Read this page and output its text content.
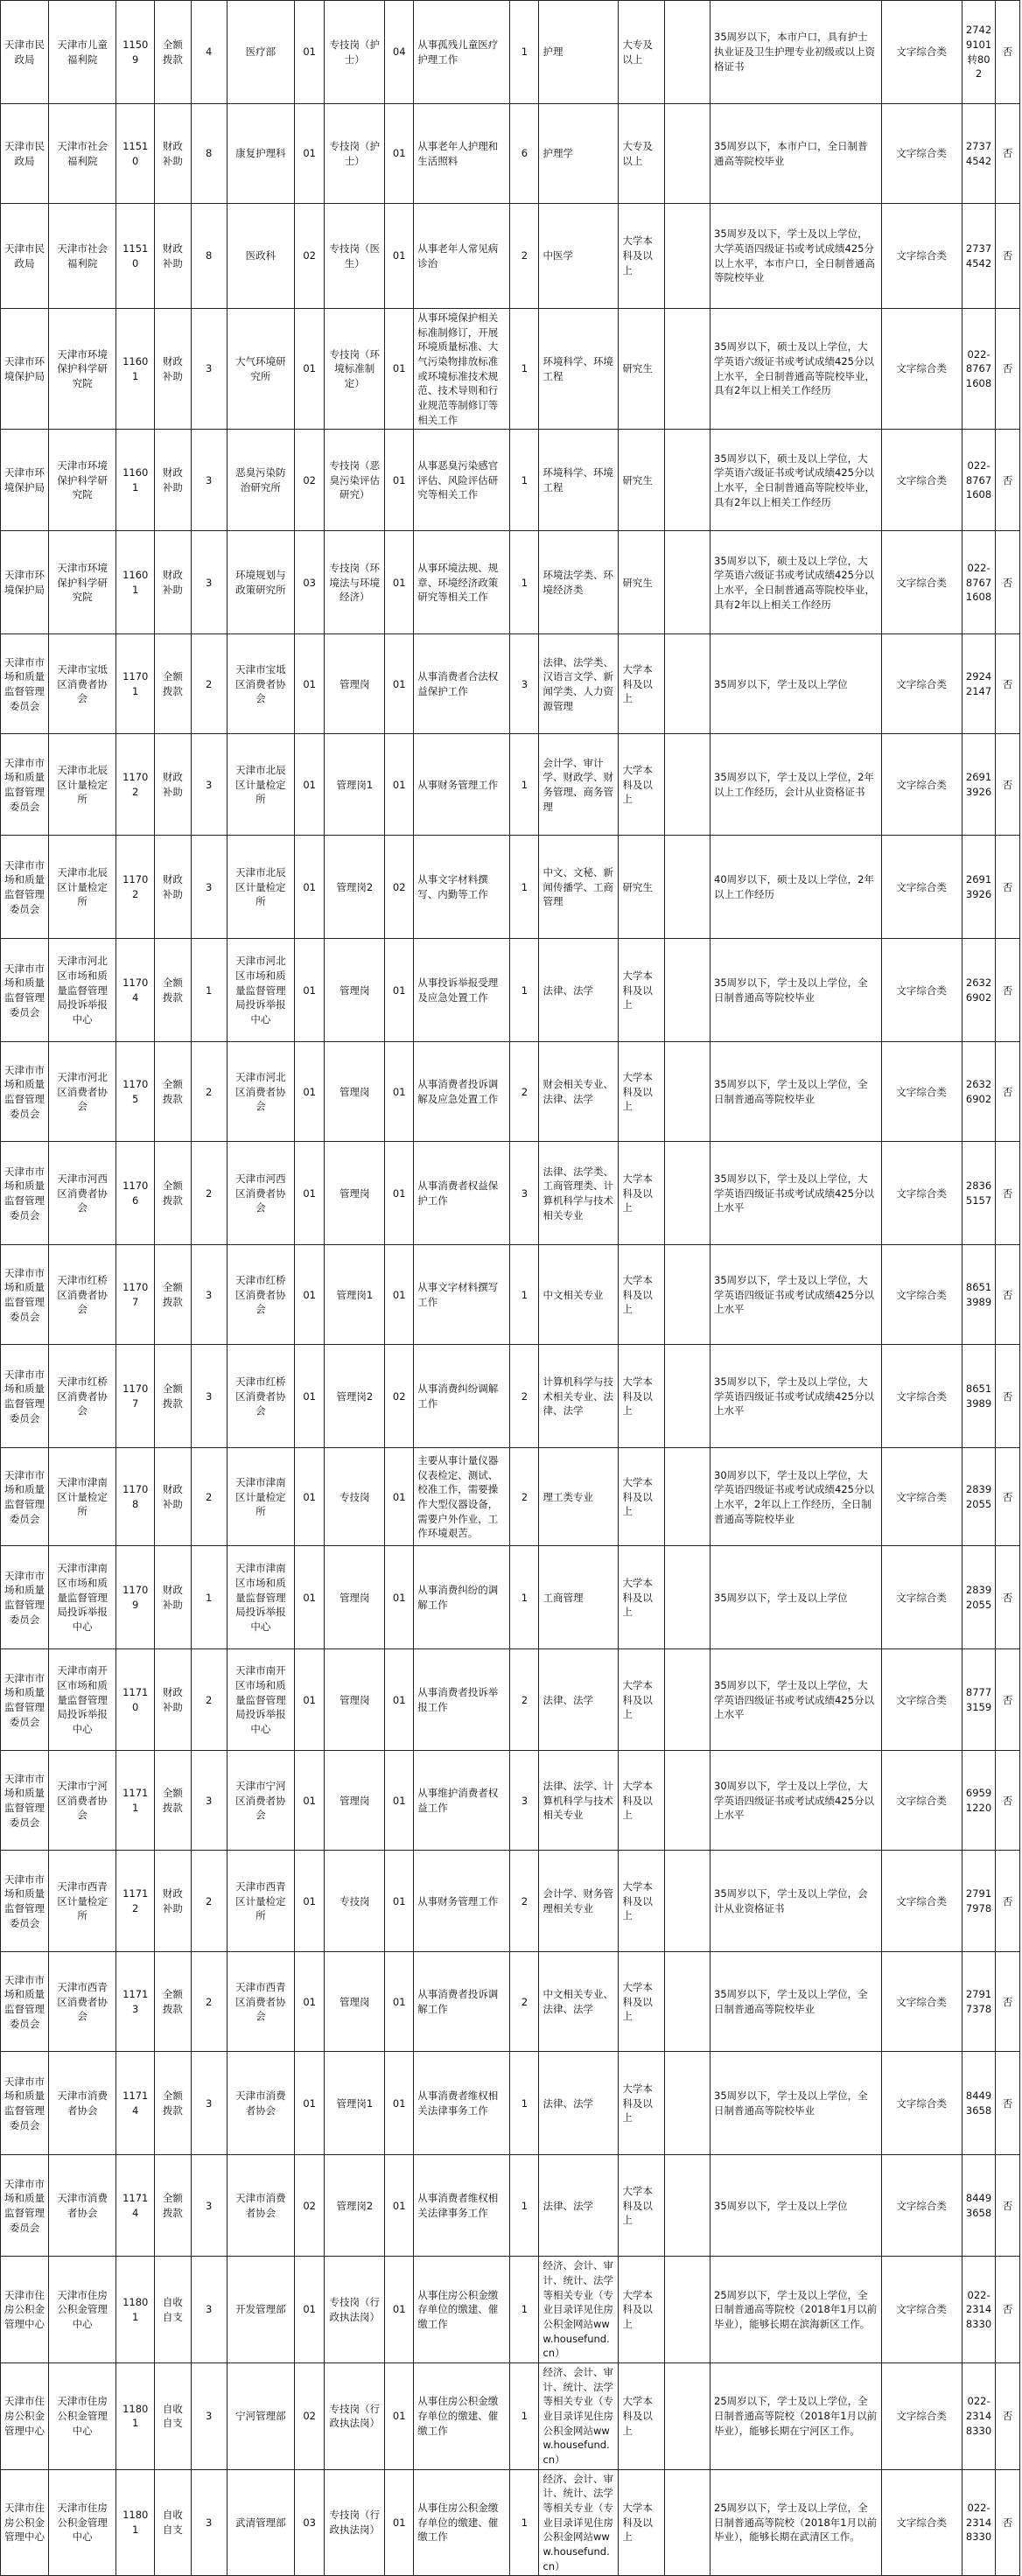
天津市民政局	天津市儿童福利院	11509	全额拨款	4	医疗部	01	专技岗（护士）	04	从事孤残儿童医疗护理工作	1	护理	大专及以上		35周岁以下，本市户口，具有护士执业证及卫生护理专业初级或以上资格证书	文字综合类	27429101转802	否
天津市民政局	天津市社会福利院	11510	财政补助	8	康复护理科	01	专技岗（护士）	01	从事老年人护理和生活照料	6	护理学	大专及以上		35周岁以下，本市户口，全日制普通高等院校毕业	文字综合类	27374542	否
天津市民政局	天津市社会福利院	11510	财政补助	8	医政科	02	专技岗（医生）	01	从事老年人常见病诊治	2	中医学	大学本科及以上		35周岁及以下，学士及以上学位，大学英语四级证书或考试成绩425分以上水平，本市户口，全日制普通高等院校毕业	文字综合类	27374542	否
天津市环境保护局	天津市环境保护科学研究院	11601	财政补助	3	大气环境研究所	01	专技岗（环境标准制定）	01	从事环境保护相关标准制修订，开展环境质量标准、大气污染物排放标准或环境标准技术规范、技术导则和行业规范等制修订等相关工作	1	环境科学、环境工程	研究生		35周岁以下，硕士及以上学位，大学英语六级证书或考试成绩425分以上水平，全日制普通高等院校毕业，具有2年以上相关工作经历	文字综合类	022-87671608	否
天津市环境保护局	天津市环境保护科学研究院	11601	财政补助	3	恶臭污染防治研究所	02	专技岗（恶臭污染评估研究）	01	从事恶臭污染感官评估、风险评估研究等相关工作	1	环境科学、环境工程	研究生		35周岁以下，硕士及以上学位，大学英语六级证书或考试成绩425分以上水平，全日制普通高等院校毕业，具有2年以上相关工作经历	文字综合类	022-87671608	否
天津市环境保护局	天津市环境保护科学研究院	11601	财政补助	3	环境规划与政策研究所	03	专技岗（环境法与环境经济）	01	从事环境法规、规章、环境经济政策研究等相关工作	1	环境法学类、环境经济类	研究生		35周岁以下，硕士及以上学位，大学英语六级证书或考试成绩425分以上水平，全日制普通高等院校毕业，具有2年以上相关工作经历	文字综合类	022-87671608	否
天津市市场和质量监督管理委员会	天津市宝坻区消费者协会	11701	全额拨款	2	天津市宝坻区消费者协会	01	管理岗	01	从事消费者合法权益保护工作	3	法律、法学类、汉语言文学、新闻学类、人力资源管理	大学本科及以上		35周岁以下，学士及以上学位	文字综合类	29242147	否
天津市市场和质量监督管理委员会	天津市北辰区计量检定所	11702	财政补助	3	天津市北辰区计量检定所	01	管理岗1	01	从事财务管理工作	1	会计学、审计学、财政学、财务管理、商务管理	大学本科及以上		35周岁以下，学士及以上学位，2年以上工作经历，会计从业资格证书	文字综合类	26913926	否
天津市市场和质量监督管理委员会	天津市北辰区计量检定所	11702	财政补助	3	天津市北辰区计量检定所	01	管理岗2	02	从事文字材料撰写、内勤等工作	1	中文、文秘、新闻传播学、工商管理	研究生		40周岁以下，硕士及以上学位，2年以上工作经历	文字综合类	26913926	否
天津市市场和质量监督管理委员会	天津市河北区市场和质量监督管理局投诉举报中心	11704	全额拨款	1	天津市河北区市场和质量监督管理局投诉举报中心	01	管理岗	01	从事投诉举报受理及应急处置工作	1	法律、法学	大学本科及以上		35周岁以下，学士及以上学位，全日制普通高等院校毕业	文字综合类	26326902	否
天津市市场和质量监督管理委员会	天津市河北区消费者协会	11705	全额拨款	2	天津市河北区消费者协会	01	管理岗	01	从事消费者投诉调解及应急处置工作	2	财会相关专业、法律、法学	大学本科及以上		35周岁以下，学士及以上学位，全日制普通高等院校毕业	文字综合类	26326902	否
天津市市场和质量监督管理委员会	天津市河西区消费者协会	11706	全额拨款	2	天津市河西区消费者协会	01	管理岗	01	从事消费者权益保护工作	3	法律、法学类、工商管理类、计算机科学与技术相关专业	大学本科及以上		35周岁以下，学士及以上学位，大学英语四级证书或考试成绩425分以上水平	文字综合类	28365157	否
天津市市场和质量监督管理委员会	天津市红桥区消费者协会	11707	全额拨款	3	天津市红桥区消费者协会	01	管理岗1	01	从事文字材料撰写工作	1	中文相关专业	大学本科及以上		35周岁以下，学士及以上学位，大学英语四级证书或考试成绩425分以上水平	文字综合类	86513989	否
天津市市场和质量监督管理委员会	天津市红桥区消费者协会	11707	全额拨款	3	天津市红桥区消费者协会	01	管理岗2	02	从事消费纠纷调解工作	2	计算机科学与技术相关专业、法律、法学	大学本科及以上		35周岁以下，学士及以上学位，大学英语四级证书或考试成绩425分以上水平	文字综合类	86513989	否
天津市市场和质量监督管理委员会	天津市津南区计量检定所	11708	财政补助	2	天津市津南区计量检定所	01	专技岗	01	主要从事计量仪器仪表检定、测试、校准工作，需要操作大型仪器设备，需要户外作业，工作环境艰苦。	2	理工类专业	大学本科及以上		30周岁以下，学士及以上学位，大学英语四级证书或考试成绩425分以上水平，2年以上工作经历，全日制普通高等院校毕业	文字综合类	28392055	否
天津市市场和质量监督管理委员会	天津市津南区市场和质量监督管理局投诉举报中心	11709	财政补助	1	天津市津南区市场和质量监督管理局投诉举报中心	01	管理岗	01	从事消费纠纷的调解工作	1	工商管理	大学本科及以上		35周岁以下，学士及以上学位	文字综合类	28392055	否
天津市市场和质量监督管理委员会	天津市南开区市场和质量监督管理局投诉举报中心	11710	财政补助	2	天津市南开区市场和质量监督管理局投诉举报中心	01	管理岗	01	从事消费者投诉举报工作	2	法律、法学	大学本科及以上		35周岁以下，学士及以上学位，大学英语四级证书或考试成绩425分以上水平	文字综合类	87773159	否
天津市市场和质量监督管理委员会	天津市宁河区消费者协会	11711	全额拨款	3	天津市宁河区消费者协会	01	管理岗	01	从事维护消费者权益工作	3	法律、法学、计算机科学与技术相关专业	大学本科及以上		30周岁以下，学士及以上学位，大学英语四级证书或考试成绩425分以上水平	文字综合类	69591220	否
天津市市场和质量监督管理委员会	天津市西青区计量检定所	11712	财政补助	2	天津市西青区计量检定所	01	专技岗	01	从事财务管理工作	2	会计学、财务管理相关专业	大学本科及以上		35周岁以下，学士及以上学位，会计从业资格证书	文字综合类	27917978	否
天津市市场和质量监督管理委员会	天津市西青区消费者协会	11713	全额拨款	2	天津市西青区消费者协会	01	管理岗	01	从事消费者投诉调解工作	2	中文相关专业、法律、法学	大学本科及以上		35周岁以下，学士及以上学位，全日制普通高等院校毕业	文字综合类	27917378	否
天津市市场和质量监督管理委员会	天津市消费者协会	11714	全额拨款	3	天津市消费者协会	01	管理岗1	01	从事消费者维权相关法律事务工作	1	法律、法学	大学本科及以上		35周岁以下，学士及以上学位，全日制普通高等院校毕业	文字综合类	84493658	否
天津市市场和质量监督管理委员会	天津市消费者协会	11714	全额拨款	3	天津市消费者协会	02	管理岗2	01	从事消费者维权相关法律事务工作	1	法律、法学	大学本科及以上		35周岁以下，学士及以上学位	文字综合类	84493658	否
天津市住房公积金管理中心	天津市住房公积金管理中心	11801	自收自支	3	开发管理部	01	专技岗（行政执法岗）	01	从事住房公积金缴存单位的缴建、催缴工作	1	经济、会计、审计、统计、法学等相关专业（专业目录详见住房公积金网站www.housefund.cn）	大学本科及以上		25周岁以下，学士及以上学位，全日制普通高等院校（2018年1月以前毕业），能够长期在滨海新区工作。	文字综合类	022-23148330	否
天津市住房公积金管理中心	天津市住房公积金管理中心	11801	自收自支	3	宁河管理部	02	专技岗（行政执法岗）	01	从事住房公积金缴存单位的缴建、催缴工作	1	经济、会计、审计、统计、法学等相关专业（专业目录详见住房公积金网站www.housefund.cn）	大学本科及以上		25周岁以下，学士及以上学位，全日制普通高等院校（2018年1月以前毕业），能够长期在宁河区工作。	文字综合类	022-23148330	否
天津市住房公积金管理中心	天津市住房公积金管理中心	11801	自收自支	3	武清管理部	03	专技岗（行政执法岗）	01	从事住房公积金缴存单位的缴建、催缴工作	1	经济、会计、审计、统计、法学等相关专业（专业目录详见住房公积金网站www.housefund.cn）	大学本科及以上		25周岁以下，学士及以上学位，全日制普通高等院校（2018年1月以前毕业），能够长期在武清区工作。	文字综合类	022-23148330	否
